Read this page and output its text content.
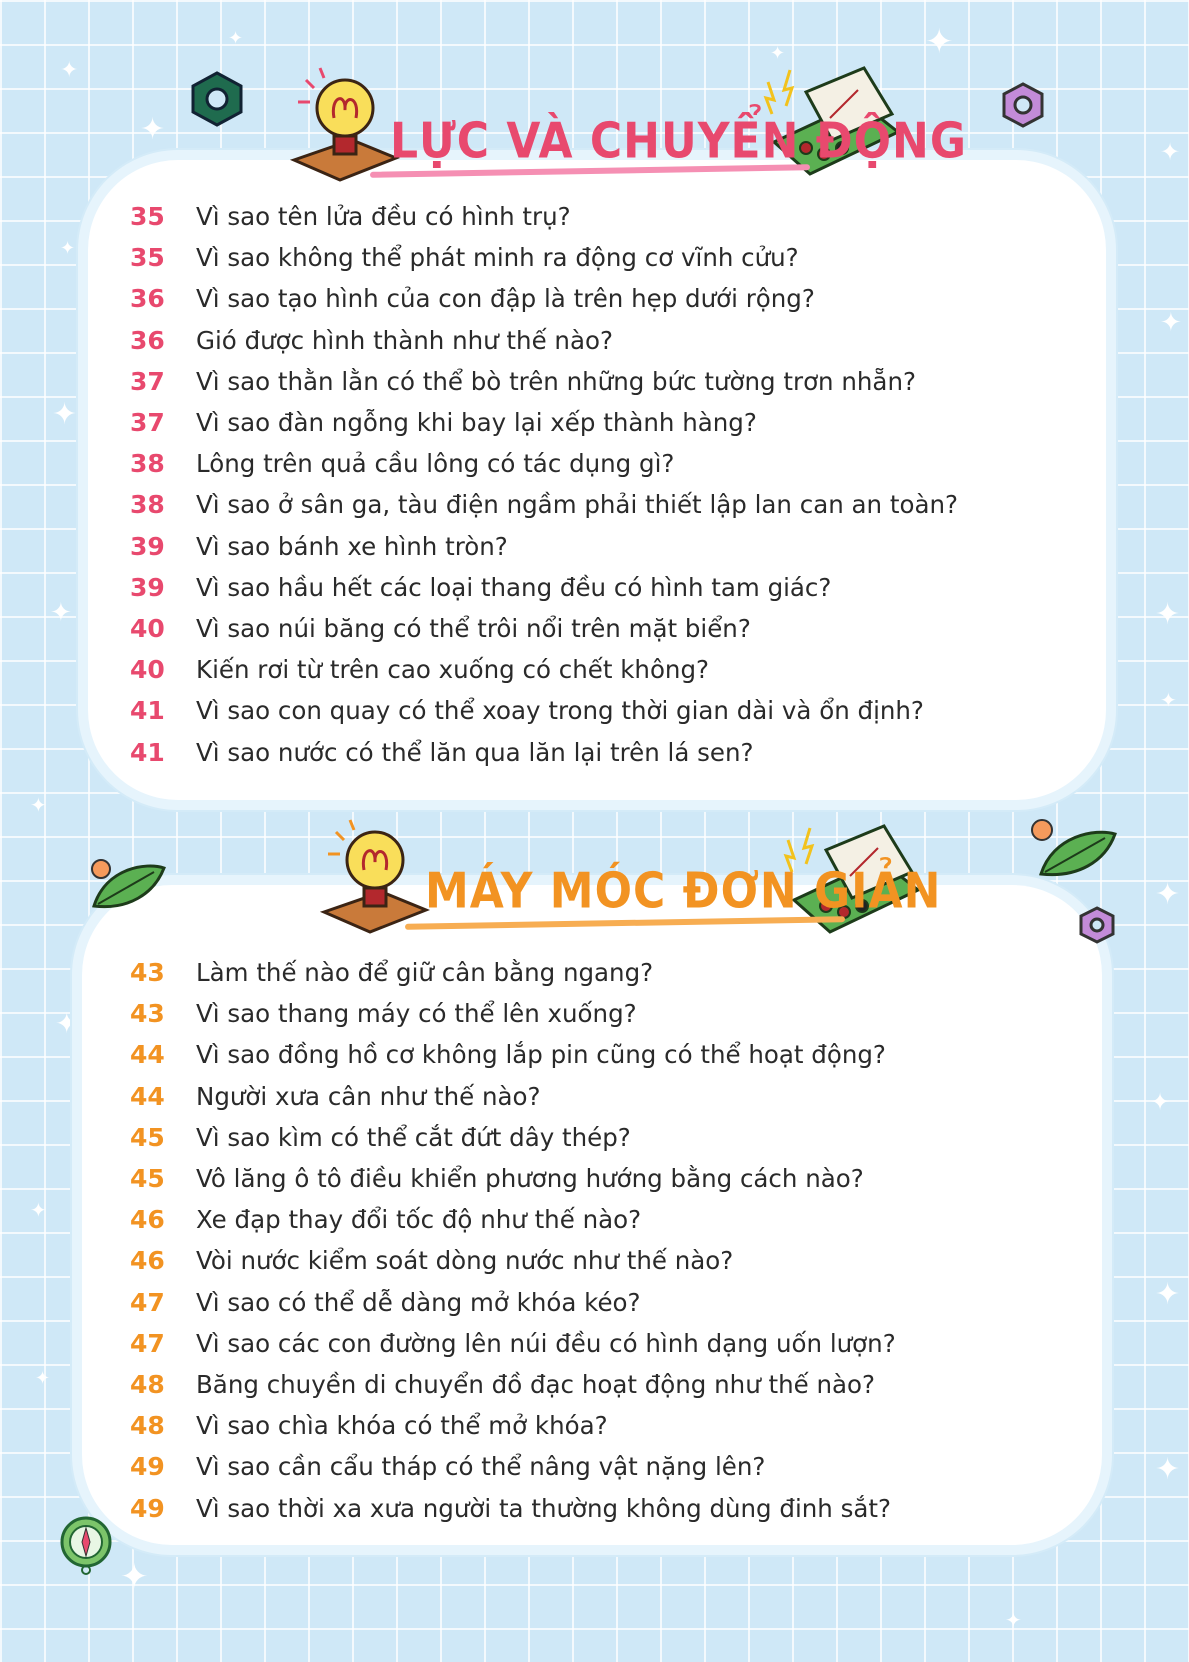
✦
✦
✦
✦
✦
✦
✦
✦
✦
✦
✦
✦
✦
✦
✦
✦
✦
✦
✦
✦
✦
✦
LỰC VÀ CHUYỂN ĐỘNG
MÁY MÓC ĐƠN GIẢN
35	Vì sao tên lửa đều có hình trụ?
35	Vì sao không thể phát minh ra động cơ vĩnh cửu?
36	Vì sao tạo hình của con đập là trên hẹp dưới rộng?
36	Gió được hình thành như thế nào?
37	Vì sao thằn lằn có thể bò trên những bức tường trơn nhẵn?
37	Vì sao đàn ngỗng khi bay lại xếp thành hàng?
38	Lông trên quả cầu lông có tác dụng gì?
38	Vì sao ở sân ga, tàu điện ngầm phải thiết lập lan can an toàn?
39	Vì sao bánh xe hình tròn?
39	Vì sao hầu hết các loại thang đều có hình tam giác?
40	Vì sao núi băng có thể trôi nổi trên mặt biển?
40	Kiến rơi từ trên cao xuống có chết không?
41	Vì sao con quay có thể xoay trong thời gian dài và ổn định?
41	Vì sao nước có thể lăn qua lăn lại trên lá sen?
43	Làm thế nào để giữ cân bằng ngang?
43	Vì sao thang máy có thể lên xuống?
44	Vì sao đồng hồ cơ không lắp pin cũng có thể hoạt động?
44	Người xưa cân như thế nào?
45	Vì sao kìm có thể cắt đứt dây thép?
45	Vô lăng ô tô điều khiển phương hướng bằng cách nào?
46	Xe đạp thay đổi tốc độ như thế nào?
46	Vòi nước kiểm soát dòng nước như thế nào?
47	Vì sao có thể dễ dàng mở khóa kéo?
47	Vì sao các con đường lên núi đều có hình dạng uốn lượn?
48	Băng chuyền di chuyển đồ đạc hoạt động như thế nào?
48	Vì sao chìa khóa có thể mở khóa?
49	Vì sao cần cẩu tháp có thể nâng vật nặng lên?
49	Vì sao thời xa xưa người ta thường không dùng đinh sắt?
